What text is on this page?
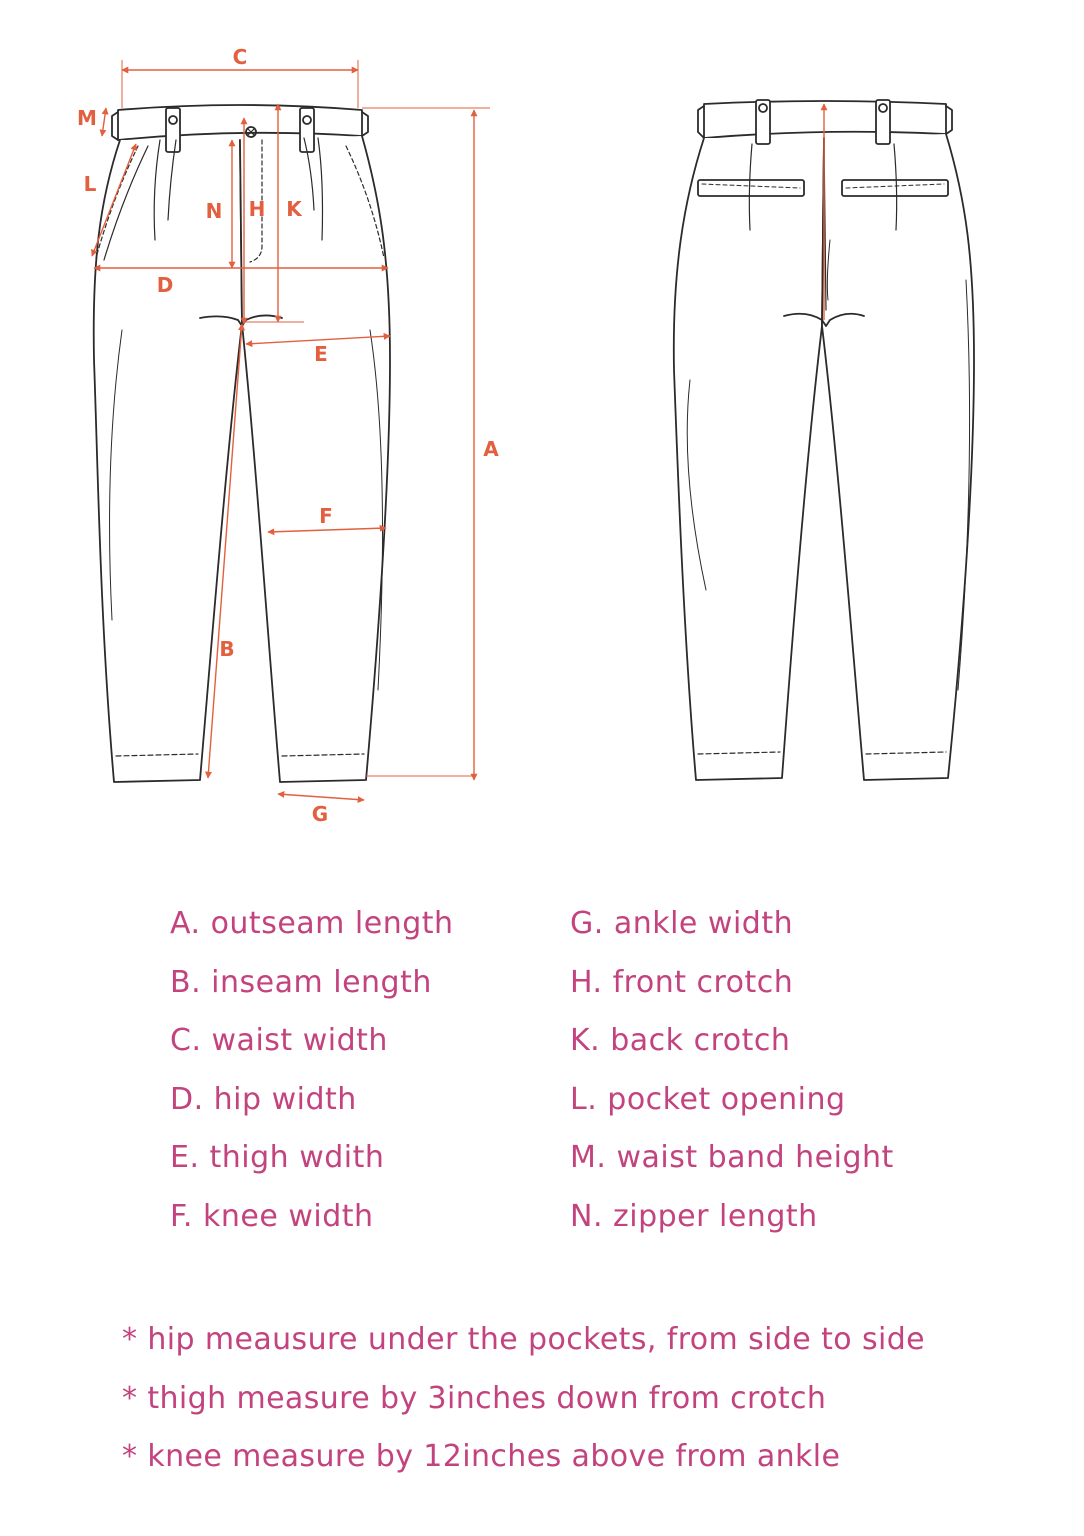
A
B
C
D
E
F
G
H K
L
M
N
A. outseam length
B. inseam length
C. waist width
D. hip width
E. thigh wdith
F. knee width
G. ankle width
H. front crotch
K. back crotch
L. pocket opening
M. waist band height
N. zipper length
* hip meausure under the pockets, from side to side
* thigh measure by 3inches down from crotch
* knee measure by 12inches above from ankle
